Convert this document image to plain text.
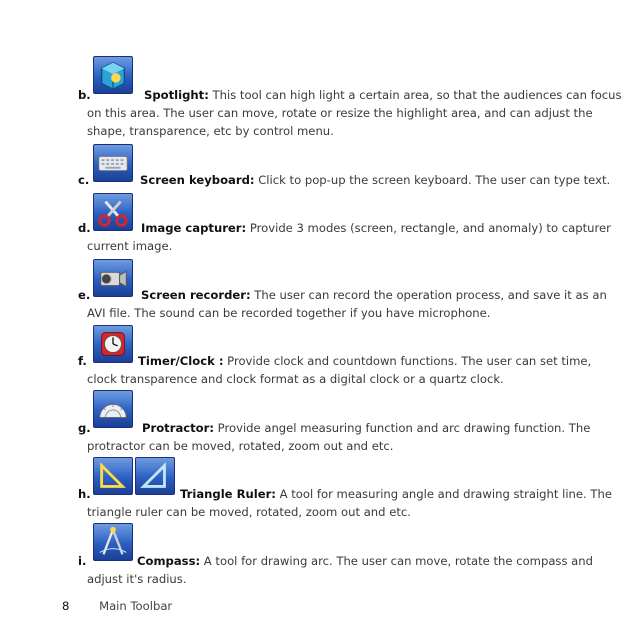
b.	Spotlight: This tool can high light a certain area, so that the audiences can focus
on this area. The user can move, rotate or resize the highlight area, and can adjust the
shape, transparence, etc by control menu.
c.	Screen keyboard: Click to pop-up the screen keyboard. The user can type text.
d.	Image capturer: Provide 3 modes (screen, rectangle, and anomaly) to capturer
current image.
e.	Screen recorder: The user can record the operation process, and save it as an
AVI file. The sound can be recorded together if you have microphone.
f.	Timer/Clock : Provide clock and countdown functions. The user can set time,
clock transparence and clock format as a digital clock or a quartz clock.
g.	Protractor: Provide angel measuring function and arc drawing function. The
protractor can be moved, rotated, zoom out and etc.
h.	Triangle Ruler: A tool for measuring angle and drawing straight line. The
triangle ruler can be moved, rotated, zoom out and etc.
i.	Compass: A tool for drawing arc. The user can move, rotate the compass and
adjust it's radius.
8	Main Toolbar
